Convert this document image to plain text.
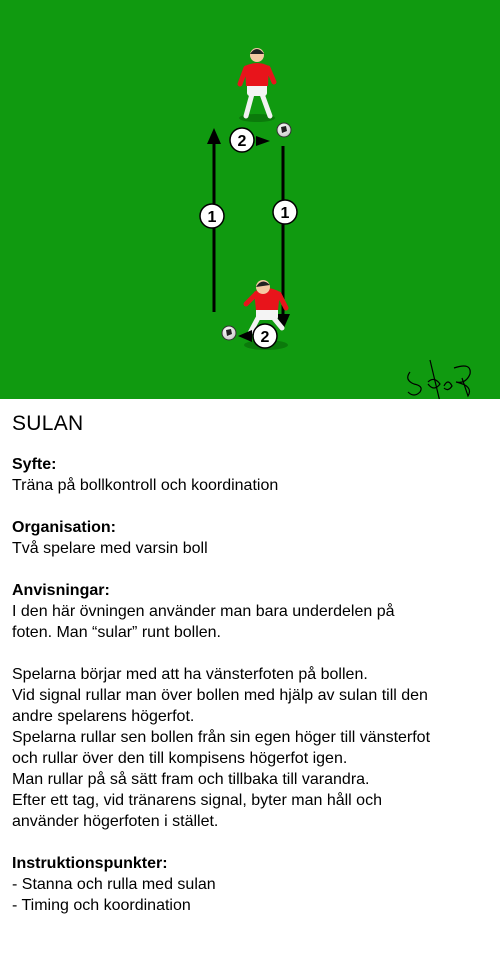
1	1
2
2
SULAN
Syfte:
Träna på bollkontroll och koordination
Organisation:
Två spelare med varsin boll
Anvisningar:
I den här övningen använder man bara underdelen på
foten. Man “sular” runt bollen.
Spelarna börjar med att ha vänsterfoten på bollen.
Vid signal rullar man över bollen med hjälp av sulan till den
andre spelarens högerfot.
Spelarna rullar sen bollen från sin egen höger till vänsterfot
och rullar över den till kompisens högerfot igen.
Man rullar på så sätt fram och tillbaka till varandra.
Efter ett tag, vid tränarens signal, byter man håll och
använder högerfoten i stället.
Instruktionspunkter:
- Stanna och rulla med sulan
- Timing och koordination
